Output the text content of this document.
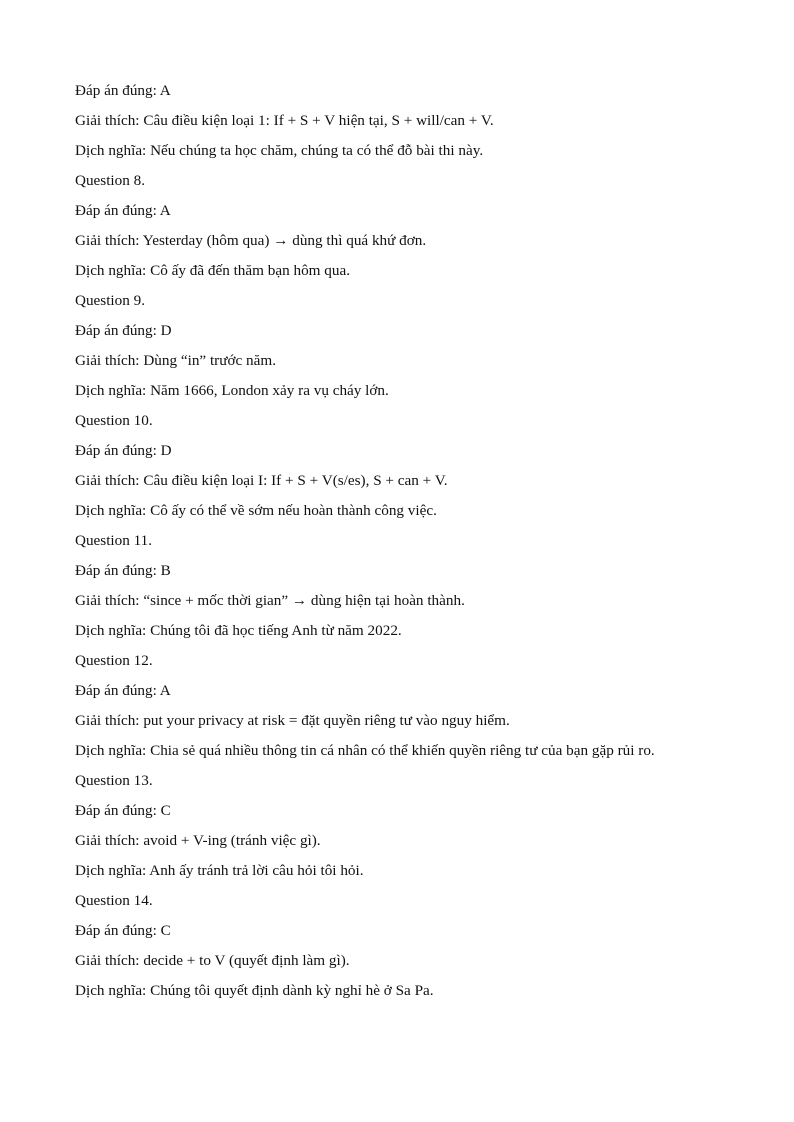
Đáp án đúng: A

Giải thích: Câu điều kiện loại 1: If + S + V hiện tại, S + will/can + V.

Dịch nghĩa: Nếu chúng ta học chăm, chúng ta có thể đỗ bài thi này.

Question 8.

Đáp án đúng: A

Giải thích: Yesterday (hôm qua) → dùng thì quá khứ đơn.

Dịch nghĩa: Cô ấy đã đến thăm bạn hôm qua.

Question 9.

Đáp án đúng: D

Giải thích: Dùng “in” trước năm.

Dịch nghĩa: Năm 1666, London xảy ra vụ cháy lớn.

Question 10.

Đáp án đúng: D

Giải thích: Câu điều kiện loại I: If + S + V(s/es), S + can + V.

Dịch nghĩa: Cô ấy có thể về sớm nếu hoàn thành công việc.

Question 11.

Đáp án đúng: B

Giải thích: “since + mốc thời gian” → dùng hiện tại hoàn thành.

Dịch nghĩa: Chúng tôi đã học tiếng Anh từ năm 2022.

Question 12.

Đáp án đúng: A

Giải thích: put your privacy at risk = đặt quyền riêng tư vào nguy hiểm.

Dịch nghĩa: Chia sẻ quá nhiều thông tin cá nhân có thể khiến quyền riêng tư của bạn gặp rủi ro.

Question 13.

Đáp án đúng: C

Giải thích: avoid + V-ing (tránh việc gì).

Dịch nghĩa: Anh ấy tránh trả lời câu hỏi tôi hỏi.

Question 14.

Đáp án đúng: C

Giải thích: decide + to V (quyết định làm gì).

Dịch nghĩa: Chúng tôi quyết định dành kỳ nghỉ hè ở Sa Pa.
